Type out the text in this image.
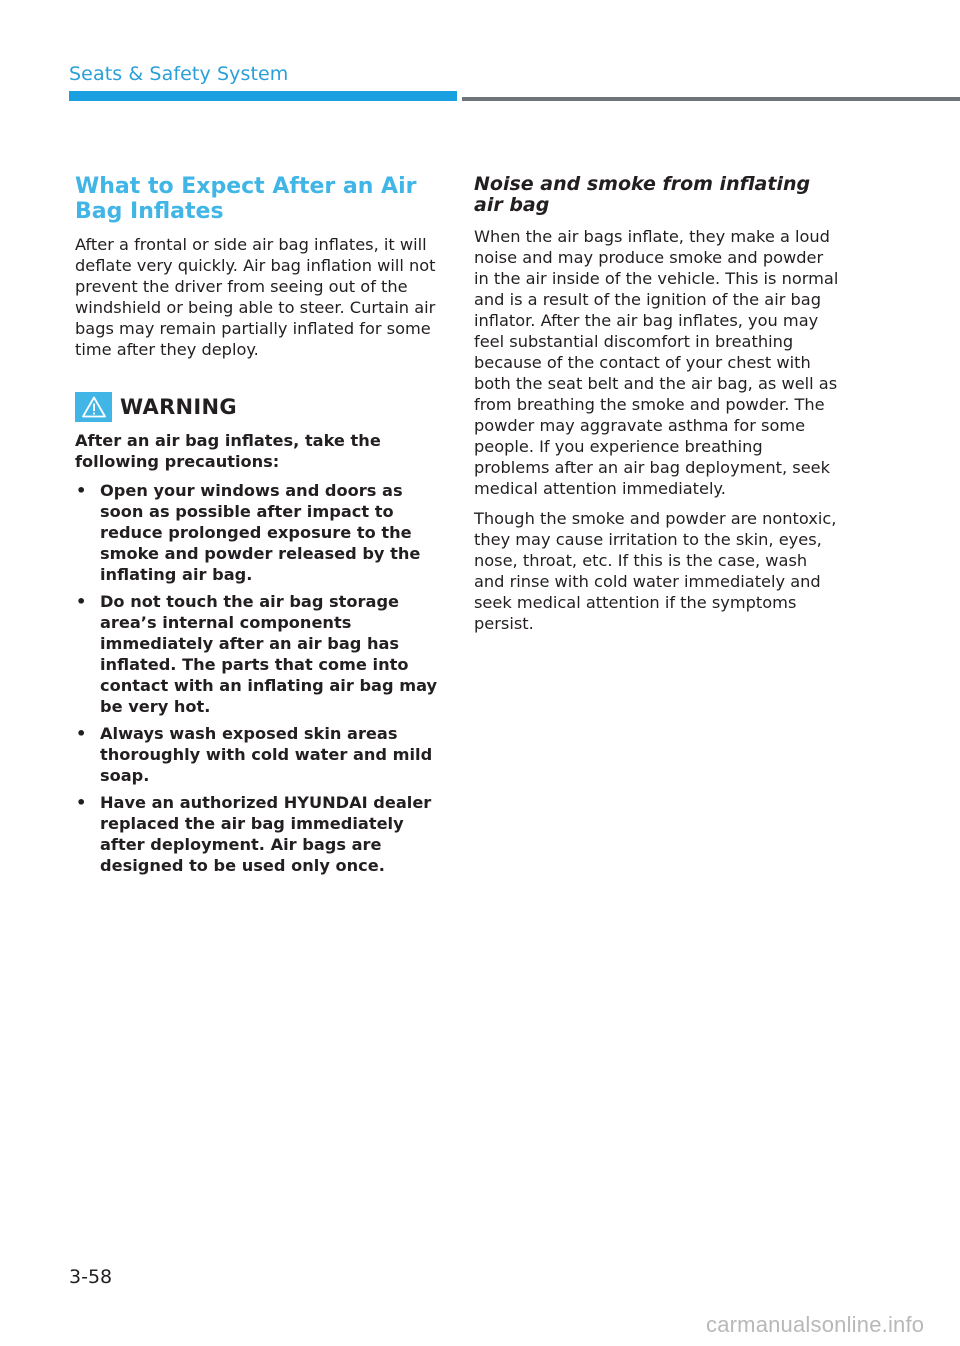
Seats & Safety System
What to Expect After an Air Bag Inflates

After a frontal or side air bag inflates, it will deflate very quickly. Air bag inflation will not prevent the driver from seeing out of the windshield or being able to steer. Curtain air bags may remain partially inflated for some time after they deploy.

WARNING

After an air bag inflates, take the following precautions:

• Open your windows and doors as soon as possible after impact to reduce prolonged exposure to the smoke and powder released by the inflating air bag.
• Do not touch the air bag storage area’s internal components immediately after an air bag has inflated. The parts that come into contact with an inflating air bag may be very hot.
• Always wash exposed skin areas thoroughly with cold water and mild soap.
• Have an authorized HYUNDAI dealer replaced the air bag immediately after deployment. Air bags are designed to be used only once.
Noise and smoke from inflating air bag

When the air bags inflate, they make a loud noise and may produce smoke and powder in the air inside of the vehicle. This is normal and is a result of the ignition of the air bag inflator. After the air bag inflates, you may feel substantial discomfort in breathing because of the contact of your chest with both the seat belt and the air bag, as well as from breathing the smoke and powder. The powder may aggravate asthma for some people. If you experience breathing problems after an air bag deployment, seek medical attention immediately.

Though the smoke and powder are nontoxic, they may cause irritation to the skin, eyes, nose, throat, etc. If this is the case, wash and rinse with cold water immediately and seek medical attention if the symptoms persist.

3-58
carmanualsonline.info
